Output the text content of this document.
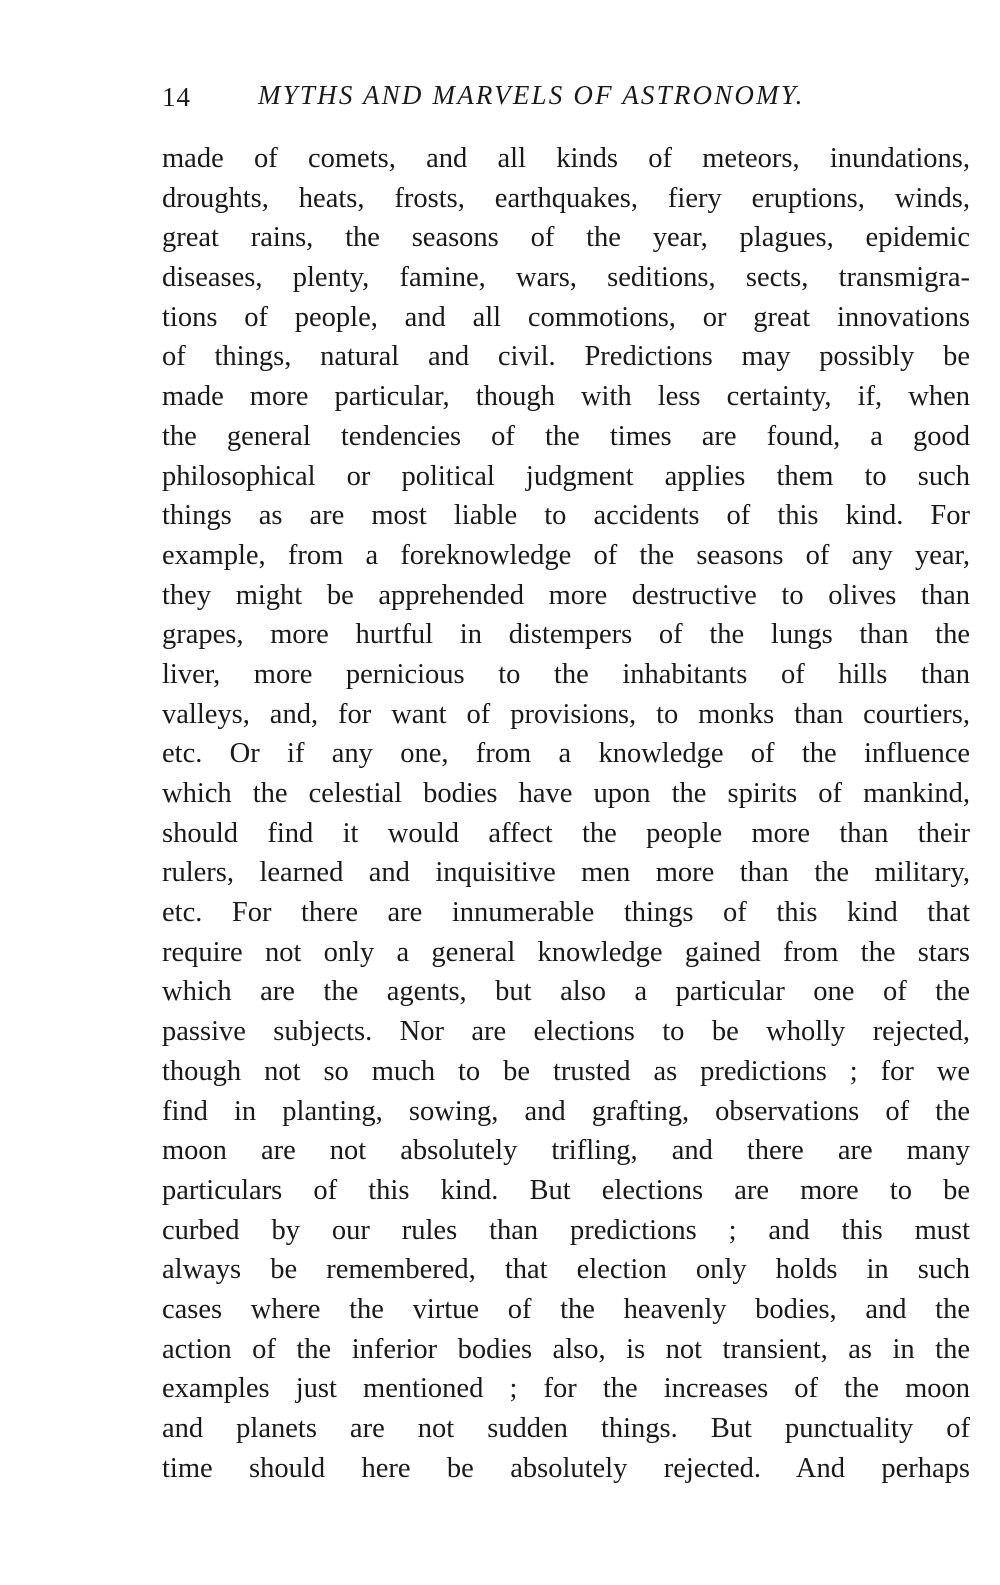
14 MYTHS AND MARVELS OF ASTRONOMY.
made of comets, and all kinds of meteors, inundations,
droughts, heats, frosts, earthquakes, fiery eruptions, winds,
great rains, the seasons of the year, plagues, epidemic
diseases, plenty, famine, wars, seditions, sects, transmigra-
tions of people, and all commotions, or great innovations
of things, natural and civil. Predictions may possibly be
made more particular, though with less certainty, if, when
the general tendencies of the times are found, a good
philosophical or political judgment applies them to such
things as are most liable to accidents of this kind. For
example, from a foreknowledge of the seasons of any year,
they might be apprehended more destructive to olives than
grapes, more hurtful in distempers of the lungs than the
liver, more pernicious to the inhabitants of hills than
valleys, and, for want of provisions, to monks than courtiers,
etc. Or if any one, from a knowledge of the influence
which the celestial bodies have upon the spirits of mankind,
should find it would affect the people more than their
rulers, learned and inquisitive men more than the military,
etc. For there are innumerable things of this kind that
require not only a general knowledge gained from the stars
which are the agents, but also a particular one of the
passive subjects. Nor are elections to be wholly rejected,
though not so much to be trusted as predictions ; for we
find in planting, sowing, and grafting, observations of the
moon are not absolutely trifling, and there are many
particulars of this kind. But elections are more to be
curbed by our rules than predictions ; and this must
always be remembered, that election only holds in such
cases where the virtue of the heavenly bodies, and the
action of the inferior bodies also, is not transient, as in the
examples just mentioned ; for the increases of the moon
and planets are not sudden things. But punctuality of
time should here be absolutely rejected. And perhaps
